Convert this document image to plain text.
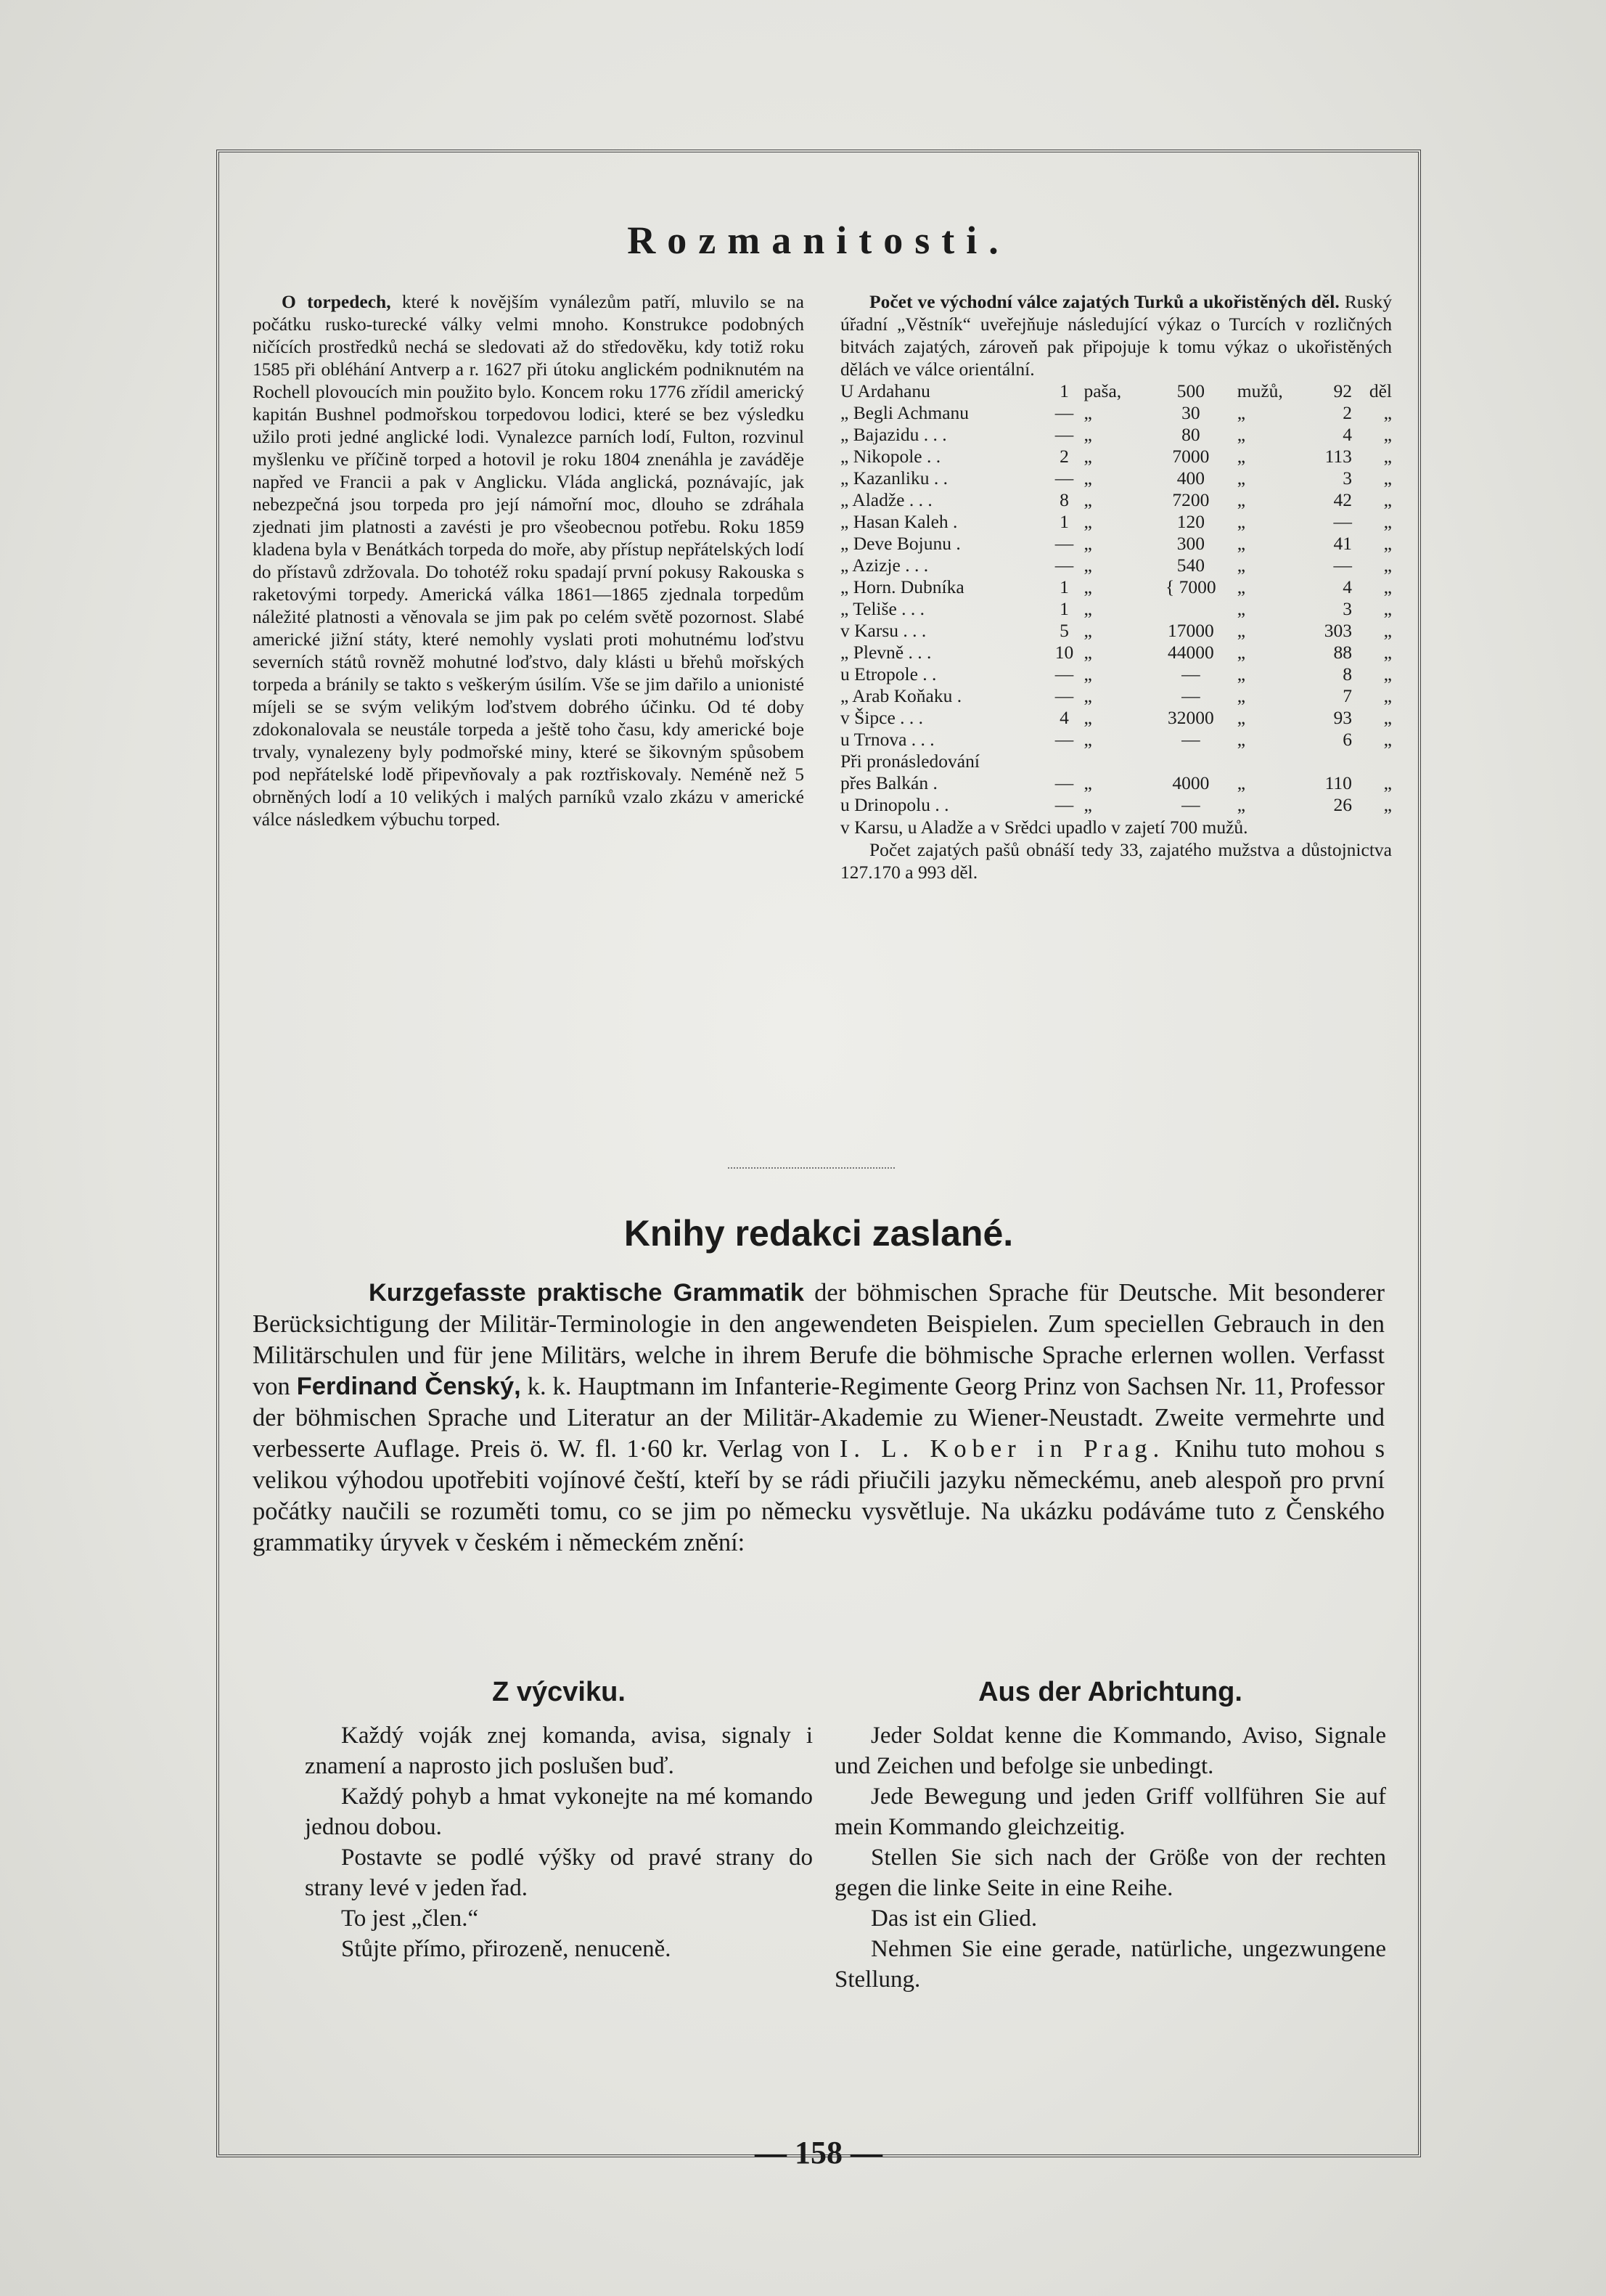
Rozmanitosti.

O torpedech, které k novějším vynálezům patří, mluvilo se na počátku rusko-turecké války velmi mnoho. Konstrukce podobných ničících prostředků nechá se sledovati až do středověku, kdy totiž roku 1585 při obléhání Antverp a r. 1627 při útoku anglickém podniknutém na Rochell plovoucích min použito bylo. Koncem roku 1776 zřídil americký kapitán Bushnel podmořskou torpedovou lodici, které se bez výsledku užilo proti jedné anglické lodi. Vynalezce parních lodí, Fulton, rozvinul myšlenku ve příčině torped a hotovil je roku 1804 znenáhla je zaváděje napřed ve Francii a pak v Anglicku. Vláda anglická, poznávajíc, jak nebezpečná jsou torpeda pro její námořní moc, dlouho se zdráhala zjednati jim platnosti a zavésti je pro všeobecnou potřebu. Roku 1859 kladena byla v Benátkách torpeda do moře, aby přístup nepřátelských lodí do přístavů zdržovala. Do tohotéž roku spadají první pokusy Rakouska s raketovými torpedy. Americká válka 1861—1865 zjednala torpedům náležité platnosti a věnovala se jim pak po celém světě pozornost. Slabé americké jižní státy, které nemohly vyslati proti mohutnému loďstvu severních států rovněž mohutné loďstvo, daly klásti u břehů mořských torpeda a bránily se takto s veškerým úsilím. Vše se jim dařilo a unionisté míjeli se se svým velikým loďstvem dobrého účinku. Od té doby zdokonalovala se neustále torpeda a ještě toho času, kdy americké boje trvaly, vynalezeny byly podmořské miny, které se šikovným spůsobem pod nepřátelské lodě připevňovaly a pak roztřiskovaly. Neméně než 5 obrněných lodí a 10 velikých i malých parníků vzalo zkázu v americké válce následkem výbuchu torped.

Počet ve východní válce zajatých Turků a ukořistěných děl. Ruský úřadní „Věstník“ uveřejňuje následující výkaz o Turcích v rozličných bitvách zajatých, zároveň pak připojuje k tomu výkaz o ukořistěných dělách ve válce orientální.

U Ardahanu	1	paša,	500	mužů,	92	děl
„ Begli Achmanu	—	„	30	„	2	„
„ Bajazidu . . .	—	„	80	„	4	„
„ Nikopole . .	2	„	7000	„	113	„
„ Kazanliku . .	—	„	400	„	3	„
„ Aladže . . .	8	„	7200	„	42	„
„ Hasan Kaleh .	1	„	120	„	—	„
„ Deve Bojunu .	—	„	300	„	41	„
„ Azizje . . .	—	„	540	„	—	„
„ Horn. Dubníka	1	„	{ 7000	„	4	„
„ Teliše . . .	1	„		„	3	„
v Karsu . . .	5	„	17000	„	303	„
„ Plevně . . .	10	„	44000	„	88	„
u Etropole . .	—	„	—	„	8	„
„ Arab Koňaku .	—	„	—	„	7	„
v Šipce . . .	4	„	32000	„	93	„
u Trnova . . .	—	„	—	„	6	„
Při pronásledování						
přes Balkán .	—	„	4000	„	110	„
u Drinopolu . .	—	„	—	„	26	„

v Karsu, u Aladže a v Srědci upadlo v zajetí 700 mužů.

Počet zajatých pašů obnáší tedy 33, zajatého mužstva a důstojnictva 127.170 a 993 děl.

Knihy redakci zaslané.
Kurzgefasste praktische Grammatik der böhmischen Sprache für Deutsche. Mit besonderer Berücksichtigung der Militär-Terminologie in den angewendeten Beispielen. Zum speciellen Gebrauch in den Militärschulen und für jene Militärs, welche in ihrem Berufe die böhmische Sprache erlernen wollen. Verfasst von Ferdinand Čenský, k. k. Hauptmann im Infanterie-Regimente Georg Prinz von Sachsen Nr. 11, Professor der böhmischen Sprache und Literatur an der Militär-Akademie zu Wiener-Neustadt. Zweite vermehrte und verbesserte Auflage. Preis ö. W. fl. 1·60 kr. Verlag von I. L. Kober in Prag. Knihu tuto mohou s velikou výhodou upotřebiti vojínové čeští, kteří by se rádi přiučili jazyku německému, aneb alespoň pro první počátky naučili se rozuměti tomu, co se jim po německu vysvětluje. Na ukázku podáváme tuto z Čenského grammatiky úryvek v českém i německém znění:
Z výcviku.

Každý voják znej komanda, avisa, signaly i znamení a naprosto jich poslušen buď.

Každý pohyb a hmat vykonejte na mé komando jednou dobou.

Postavte se podlé výšky od pravé strany do strany levé v jeden řad.

To jest „člen.“

Stůjte přímo, přirozeně, nenuceně.

Aus der Abrichtung.

Jeder Soldat kenne die Kommando, Aviso, Signale und Zeichen und befolge sie unbedingt.

Jede Bewegung und jeden Griff vollführen Sie auf mein Kommando gleichzeitig.

Stellen Sie sich nach der Größe von der rechten gegen die linke Seite in eine Reihe.

Das ist ein Glied.

Nehmen Sie eine gerade, natürliche, ungezwungene Stellung.

— 158 —
